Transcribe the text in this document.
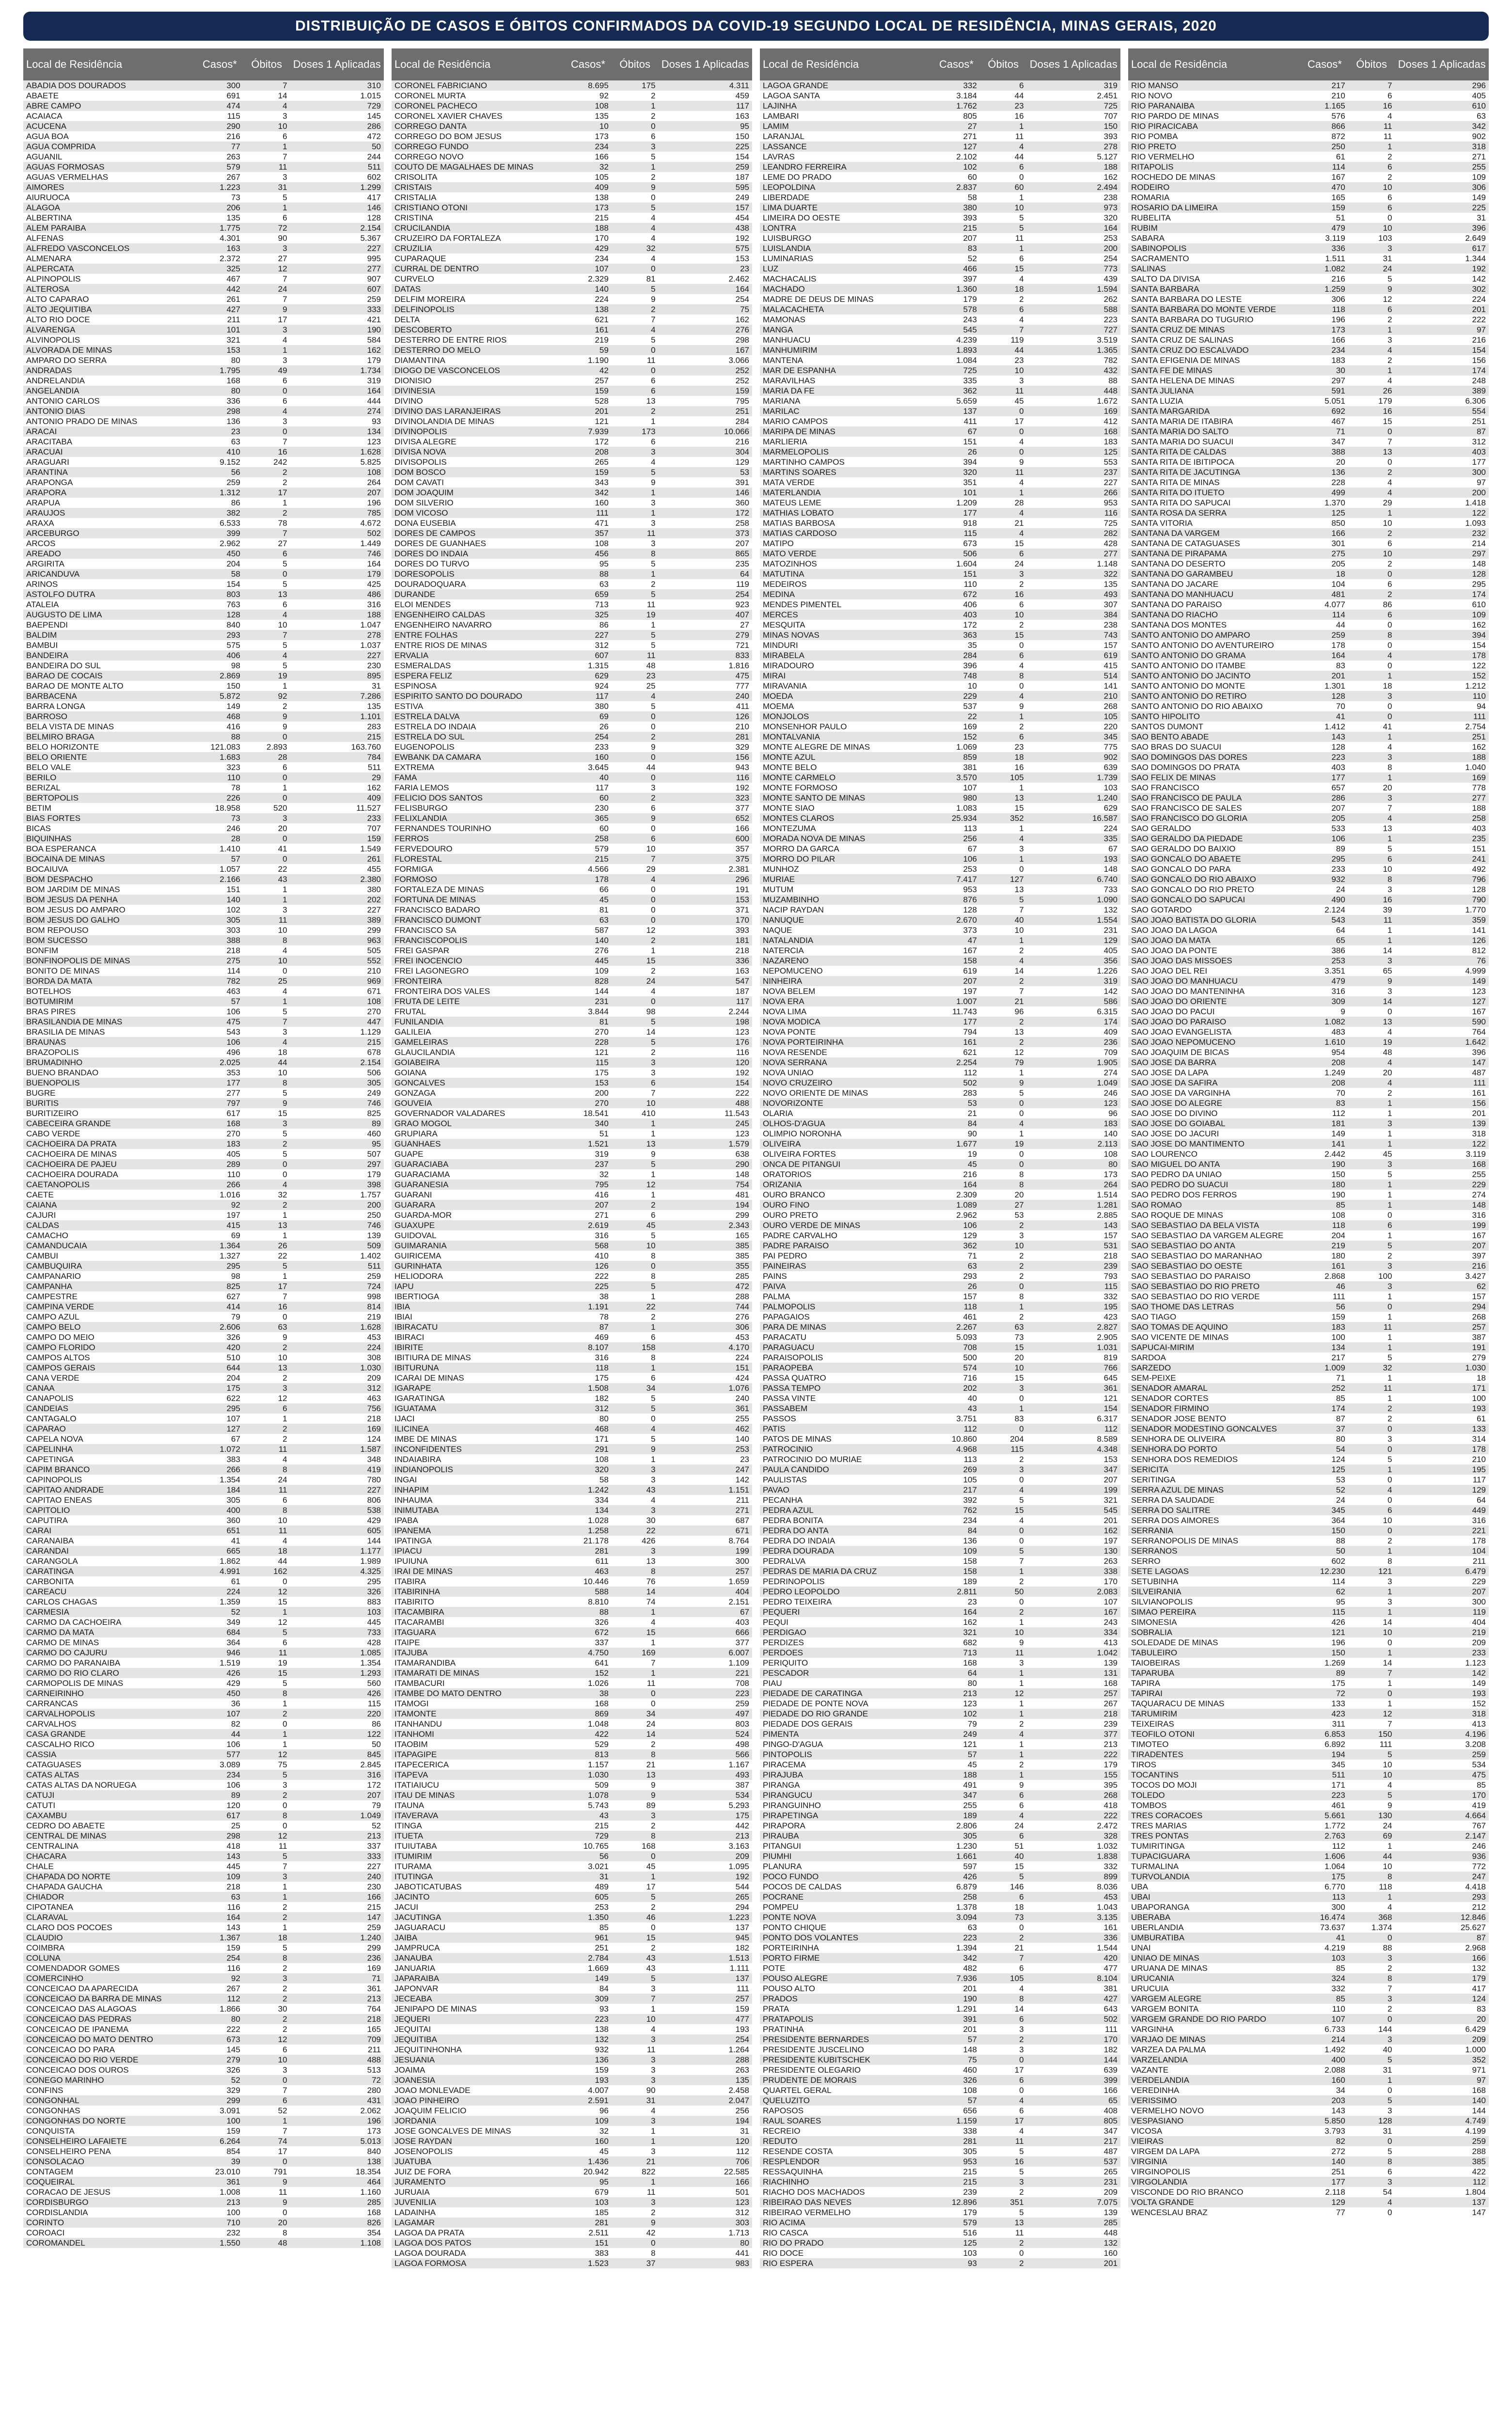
DISTRIBUIÇÃO DE CASOS E ÓBITOS CONFIRMADOS DA COVID-19 SEGUNDO LOCAL DE RESIDÊNCIA, MINAS GERAIS, 2020
Local de Residência	Casos*	Óbitos	Doses 1 Aplicadas
ABADIA DOS DOURADOS	300	7	310
ABAETE	691	14	1.015
ABRE CAMPO	474	4	729
ACAIACA	115	3	145
ACUCENA	290	10	286
AGUA BOA	216	6	472
AGUA COMPRIDA	77	1	50
AGUANIL	263	7	244
AGUAS FORMOSAS	579	11	511
AGUAS VERMELHAS	267	3	602
AIMORES	1.223	31	1.299
AIURUOCA	73	5	417
ALAGOA	206	1	146
ALBERTINA	135	6	128
ALEM PARAIBA	1.775	72	2.154
ALFENAS	4.301	90	5.367
ALFREDO VASCONCELOS	163	3	227
ALMENARA	2.372	27	995
ALPERCATA	325	12	277
ALPINOPOLIS	467	7	907
ALTEROSA	442	24	607
ALTO CAPARAO	261	7	259
ALTO JEQUITIBA	427	9	333
ALTO RIO DOCE	211	17	421
ALVARENGA	101	3	190
ALVINOPOLIS	321	4	584
ALVORADA DE MINAS	153	1	162
AMPARO DO SERRA	80	3	179
ANDRADAS	1.795	49	1.734
ANDRELANDIA	168	6	319
ANGELANDIA	80	0	164
ANTONIO CARLOS	336	6	444
ANTONIO DIAS	298	4	274
ANTONIO PRADO DE MINAS	136	3	93
ARACAI	23	0	134
ARACITABA	63	7	123
ARACUAI	410	16	1.628
ARAGUARI	9.152	242	5.825
ARANTINA	56	2	108
ARAPONGA	259	2	264
ARAPORA	1.312	17	207
ARAPUA	86	1	196
ARAUJOS	382	2	785
ARAXA	6.533	78	4.672
ARCEBURGO	399	7	502
ARCOS	2.962	27	1.449
AREADO	450	6	746
ARGIRITA	204	5	164
ARICANDUVA	58	0	179
ARINOS	154	5	425
ASTOLFO DUTRA	803	13	486
ATALEIA	763	6	316
AUGUSTO DE LIMA	128	4	188
BAEPENDI	840	10	1.047
BALDIM	293	7	278
BAMBUI	575	5	1.037
BANDEIRA	406	4	227
BANDEIRA DO SUL	98	5	230
BARAO DE COCAIS	2.869	19	895
BARAO DE MONTE ALTO	150	1	31
BARBACENA	5.872	92	7.286
BARRA LONGA	149	2	135
BARROSO	468	9	1.101
BELA VISTA DE MINAS	416	9	283
BELMIRO BRAGA	88	0	215
BELO HORIZONTE	121.083	2.893	163.760
BELO ORIENTE	1.683	28	784
BELO VALE	323	6	511
BERILO	110	0	29
BERIZAL	78	1	162
BERTOPOLIS	226	0	409
BETIM	18.958	520	11.527
BIAS FORTES	73	3	233
BICAS	246	20	707
BIQUINHAS	28	0	159
BOA ESPERANCA	1.410	41	1.549
BOCAINA DE MINAS	57	0	261
BOCAIUVA	1.057	22	455
BOM DESPACHO	2.166	43	2.380
BOM JARDIM DE MINAS	151	1	380
BOM JESUS DA PENHA	140	1	202
BOM JESUS DO AMPARO	102	3	227
BOM JESUS DO GALHO	305	11	389
BOM REPOUSO	303	10	299
BOM SUCESSO	388	8	963
BONFIM	218	4	505
BONFINOPOLIS DE MINAS	275	10	552
BONITO DE MINAS	114	0	210
BORDA DA MATA	782	25	969
BOTELHOS	463	4	671
BOTUMIRIM	57	1	108
BRAS PIRES	106	5	270
BRASILANDIA DE MINAS	475	7	447
BRASILIA DE MINAS	543	3	1.129
BRAUNAS	106	4	215
BRAZOPOLIS	496	18	678
BRUMADINHO	2.025	44	2.154
BUENO BRANDAO	353	10	506
BUENOPOLIS	177	8	305
BUGRE	277	5	249
BURITIS	797	9	746
BURITIZEIRO	617	15	825
CABECEIRA GRANDE	168	3	89
CABO VERDE	270	5	460
CACHOEIRA DA PRATA	183	2	95
CACHOEIRA DE MINAS	405	5	507
CACHOEIRA DE PAJEU	289	0	297
CACHOEIRA DOURADA	110	0	179
CAETANOPOLIS	266	4	398
CAETE	1.016	32	1.757
CAIANA	92	2	200
CAJURI	197	1	250
CALDAS	415	13	746
CAMACHO	69	1	139
CAMANDUCAIA	1.364	26	509
CAMBUI	1.327	22	1.402
CAMBUQUIRA	295	5	511
CAMPANARIO	98	1	259
CAMPANHA	825	17	724
CAMPESTRE	627	7	998
CAMPINA VERDE	414	16	814
CAMPO AZUL	79	0	219
CAMPO BELO	2.606	63	1.628
CAMPO DO MEIO	326	9	453
CAMPO FLORIDO	420	2	224
CAMPOS ALTOS	510	10	308
CAMPOS GERAIS	644	13	1.030
CANA VERDE	204	2	209
CANAA	175	3	312
CANAPOLIS	622	12	463
CANDEIAS	295	6	756
CANTAGALO	107	1	218
CAPARAO	127	2	169
CAPELA NOVA	67	2	124
CAPELINHA	1.072	11	1.587
CAPETINGA	383	4	348
CAPIM BRANCO	266	8	419
CAPINOPOLIS	1.354	24	780
CAPITAO ANDRADE	184	11	227
CAPITAO ENEAS	305	6	806
CAPITOLIO	400	8	538
CAPUTIRA	360	10	429
CARAI	651	11	605
CARANAIBA	41	4	144
CARANDAI	665	18	1.177
CARANGOLA	1.862	44	1.989
CARATINGA	4.991	162	4.325
CARBONITA	61	0	295
CAREACU	224	12	326
CARLOS CHAGAS	1.359	15	883
CARMESIA	52	1	103
CARMO DA CACHOEIRA	349	12	445
CARMO DA MATA	684	5	733
CARMO DE MINAS	364	6	428
CARMO DO CAJURU	946	11	1.085
CARMO DO PARANAIBA	1.519	19	1.354
CARMO DO RIO CLARO	426	15	1.293
CARMOPOLIS DE MINAS	429	5	560
CARNEIRINHO	450	8	426
CARRANCAS	36	1	115
CARVALHOPOLIS	107	2	220
CARVALHOS	82	0	86
CASA GRANDE	44	1	122
CASCALHO RICO	106	1	50
CASSIA	577	12	845
CATAGUASES	3.089	75	2.845
CATAS ALTAS	234	5	316
CATAS ALTAS DA NORUEGA	106	3	172
CATUJI	89	2	207
CATUTI	120	0	79
CAXAMBU	617	8	1.049
CEDRO DO ABAETE	25	0	52
CENTRAL DE MINAS	298	12	213
CENTRALINA	418	11	337
CHACARA	143	5	333
CHALE	445	7	227
CHAPADA DO NORTE	109	3	240
CHAPADA GAUCHA	218	1	230
CHIADOR	63	1	166
CIPOTANEA	116	2	215
CLARAVAL	164	2	147
CLARO DOS POCOES	143	1	259
CLAUDIO	1.367	18	1.240
COIMBRA	159	5	299
COLUNA	254	8	236
COMENDADOR GOMES	116	2	169
COMERCINHO	92	3	71
CONCEICAO DA APARECIDA	267	2	361
CONCEICAO DA BARRA DE MINAS	112	2	213
CONCEICAO DAS ALAGOAS	1.866	30	764
CONCEICAO DAS PEDRAS	80	2	218
CONCEICAO DE IPANEMA	222	2	165
CONCEICAO DO MATO DENTRO	673	12	709
CONCEICAO DO PARA	145	6	211
CONCEICAO DO RIO VERDE	279	10	488
CONCEICAO DOS OUROS	326	3	513
CONEGO MARINHO	52	0	72
CONFINS	329	7	280
CONGONHAL	299	6	431
CONGONHAS	3.091	52	2.062
CONGONHAS DO NORTE	100	1	196
CONQUISTA	159	7	173
CONSELHEIRO LAFAIETE	6.264	74	5.013
CONSELHEIRO PENA	854	17	840
CONSOLACAO	39	0	138
CONTAGEM	23.010	791	18.354
COQUEIRAL	361	9	464
CORACAO DE JESUS	1.008	11	1.160
CORDISBURGO	213	9	285
CORDISLANDIA	100	0	168
CORINTO	710	20	826
COROACI	232	8	354
COROMANDEL	1.550	48	1.108
Local de Residência	Casos*	Óbitos	Doses 1 Aplicadas
CORONEL FABRICIANO	8.695	175	4.311
CORONEL MURTA	92	2	459
CORONEL PACHECO	108	1	117
CORONEL XAVIER CHAVES	135	2	163
CORREGO DANTA	10	0	95
CORREGO DO BOM JESUS	173	6	150
CORREGO FUNDO	234	3	225
CORREGO NOVO	166	5	154
COUTO DE MAGALHAES DE MINAS	32	1	259
CRISOLITA	105	2	187
CRISTAIS	409	9	595
CRISTALIA	138	0	249
CRISTIANO OTONI	173	5	157
CRISTINA	215	4	454
CRUCILANDIA	188	4	438
CRUZEIRO DA FORTALEZA	170	4	192
CRUZILIA	429	32	575
CUPARAQUE	234	4	153
CURRAL DE DENTRO	107	0	23
CURVELO	2.329	81	2.462
DATAS	140	5	164
DELFIM MOREIRA	224	9	254
DELFINOPOLIS	138	2	75
DELTA	621	7	162
DESCOBERTO	161	4	276
DESTERRO DE ENTRE RIOS	219	5	298
DESTERRO DO MELO	59	0	167
DIAMANTINA	1.190	11	3.066
DIOGO DE VASCONCELOS	42	0	252
DIONISIO	257	6	252
DIVINESIA	159	6	159
DIVINO	528	13	795
DIVINO DAS LARANJEIRAS	201	2	251
DIVINOLANDIA DE MINAS	121	1	284
DIVINOPOLIS	7.939	173	10.066
DIVISA ALEGRE	172	6	216
DIVISA NOVA	208	3	304
DIVISOPOLIS	265	4	129
DOM BOSCO	159	5	53
DOM CAVATI	343	9	391
DOM JOAQUIM	342	1	146
DOM SILVERIO	160	3	360
DOM VICOSO	111	1	172
DONA EUSEBIA	471	3	258
DORES DE CAMPOS	357	11	373
DORES DE GUANHAES	108	3	207
DORES DO INDAIA	456	8	865
DORES DO TURVO	95	5	235
DORESOPOLIS	88	1	64
DOURADOQUARA	63	2	119
DURANDE	659	5	254
ELOI MENDES	713	11	923
ENGENHEIRO CALDAS	325	19	407
ENGENHEIRO NAVARRO	86	1	27
ENTRE FOLHAS	227	5	279
ENTRE RIOS DE MINAS	312	5	721
ERVALIA	607	11	833
ESMERALDAS	1.315	48	1.816
ESPERA FELIZ	629	23	475
ESPINOSA	924	25	777
ESPIRITO SANTO DO DOURADO	117	4	240
ESTIVA	380	5	411
ESTRELA DALVA	69	0	126
ESTRELA DO INDAIA	26	0	210
ESTRELA DO SUL	254	2	281
EUGENOPOLIS	233	9	329
EWBANK DA CAMARA	160	0	156
EXTREMA	3.645	44	943
FAMA	40	0	116
FARIA LEMOS	117	3	192
FELICIO DOS SANTOS	60	2	323
FELISBURGO	230	6	377
FELIXLANDIA	365	9	652
FERNANDES TOURINHO	60	0	166
FERROS	258	6	600
FERVEDOURO	579	10	357
FLORESTAL	215	7	375
FORMIGA	4.566	29	2.381
FORMOSO	178	4	296
FORTALEZA DE MINAS	66	0	191
FORTUNA DE MINAS	45	0	153
FRANCISCO BADARO	81	0	371
FRANCISCO DUMONT	63	0	170
FRANCISCO SA	587	12	393
FRANCISCOPOLIS	140	2	181
FREI GASPAR	276	1	218
FREI INOCENCIO	445	15	336
FREI LAGONEGRO	109	2	163
FRONTEIRA	828	24	547
FRONTEIRA DOS VALES	144	4	187
FRUTA DE LEITE	231	0	117
FRUTAL	3.844	98	2.244
FUNILANDIA	81	5	198
GALILEIA	270	14	123
GAMELEIRAS	228	5	176
GLAUCILANDIA	121	2	116
GOIABEIRA	115	3	120
GOIANA	175	3	192
GONCALVES	153	6	154
GONZAGA	200	7	222
GOUVEIA	270	10	488
GOVERNADOR VALADARES	18.541	410	11.543
GRAO MOGOL	340	1	245
GRUPIARA	51	1	123
GUANHAES	1.521	13	1.579
GUAPE	319	9	638
GUARACIABA	237	5	290
GUARACIAMA	32	1	148
GUARANESIA	795	12	754
GUARANI	416	1	481
GUARARA	207	2	194
GUARDA-MOR	271	6	299
GUAXUPE	2.619	45	2.343
GUIDOVAL	316	5	165
GUIMARANIA	568	10	385
GUIRICEMA	410	8	385
GURINHATA	126	0	355
HELIODORA	222	8	285
IAPU	225	5	472
IBERTIOGA	38	1	288
IBIA	1.191	22	744
IBIAI	78	2	276
IBIRACATU	87	1	306
IBIRACI	469	6	453
IBIRITE	8.107	158	4.170
IBITIURA DE MINAS	316	8	224
IBITURUNA	118	1	151
ICARAI DE MINAS	175	6	424
IGARAPE	1.508	34	1.076
IGARATINGA	182	5	240
IGUATAMA	312	5	361
IJACI	80	0	255
ILICINEA	468	4	462
IMBE DE MINAS	171	5	140
INCONFIDENTES	291	9	253
INDAIABIRA	108	1	23
INDIANOPOLIS	320	3	247
INGAI	58	3	142
INHAPIM	1.242	43	1.151
INHAUMA	334	4	211
INIMUTABA	134	3	271
IPABA	1.028	30	687
IPANEMA	1.258	22	671
IPATINGA	21.178	426	8.764
IPIACU	281	3	199
IPUIUNA	611	13	300
IRAI DE MINAS	463	8	257
ITABIRA	10.446	76	1.659
ITABIRINHA	588	14	404
ITABIRITO	8.810	74	2.151
ITACAMBIRA	88	1	67
ITACARAMBI	326	4	403
ITAGUARA	672	15	666
ITAIPE	337	1	377
ITAJUBA	4.750	169	6.007
ITAMARANDIBA	641	7	1.109
ITAMARATI DE MINAS	152	1	221
ITAMBACURI	1.026	11	708
ITAMBE DO MATO DENTRO	38	0	223
ITAMOGI	168	0	259
ITAMONTE	869	34	497
ITANHANDU	1.048	24	803
ITANHOMI	422	14	524
ITAOBIM	529	2	498
ITAPAGIPE	813	8	566
ITAPECERICA	1.157	21	1.167
ITAPEVA	1.030	13	493
ITATIAIUCU	509	9	387
ITAU DE MINAS	1.078	9	534
ITAUNA	5.743	89	5.293
ITAVERAVA	43	3	175
ITINGA	215	2	442
ITUETA	729	8	213
ITUIUTABA	10.765	168	3.163
ITUMIRIM	56	0	209
ITURAMA	3.021	45	1.095
ITUTINGA	31	1	192
JABOTICATUBAS	489	17	544
JACINTO	605	5	265
JACUI	253	2	294
JACUTINGA	1.350	46	1.223
JAGUARACU	85	0	137
JAIBA	961	15	945
JAMPRUCA	251	2	182
JANAUBA	2.784	43	1.513
JANUARIA	1.669	43	1.111
JAPARAIBA	149	5	137
JAPONVAR	84	3	111
JECEABA	309	7	257
JENIPAPO DE MINAS	93	1	159
JEQUERI	223	10	477
JEQUITAI	138	4	193
JEQUITIBA	132	3	254
JEQUITINHONHA	932	11	1.264
JESUANIA	136	3	288
JOAIMA	159	3	263
JOANESIA	193	3	135
JOAO MONLEVADE	4.007	90	2.458
JOAO PINHEIRO	2.591	31	2.047
JOAQUIM FELICIO	96	4	256
JORDANIA	109	3	194
JOSE GONCALVES DE MINAS	32	1	31
JOSE RAYDAN	160	1	120
JOSENOPOLIS	45	3	112
JUATUBA	1.436	21	706
JUIZ DE FORA	20.942	822	22.585
JURAMENTO	95	1	166
JURUAIA	679	11	501
JUVENILIA	103	3	123
LADAINHA	185	2	312
LAGAMAR	281	9	303
LAGOA DA PRATA	2.511	42	1.713
LAGOA DOS PATOS	151	0	80
LAGOA DOURADA	383	8	441
LAGOA FORMOSA	1.523	37	983
Local de Residência	Casos*	Óbitos	Doses 1 Aplicadas
LAGOA GRANDE	332	6	319
LAGOA SANTA	3.184	44	2.451
LAJINHA	1.762	23	725
LAMBARI	805	16	707
LAMIM	27	1	150
LARANJAL	271	11	393
LASSANCE	127	4	278
LAVRAS	2.102	44	5.127
LEANDRO FERREIRA	102	6	188
LEME DO PRADO	60	0	162
LEOPOLDINA	2.837	60	2.494
LIBERDADE	58	1	238
LIMA DUARTE	380	10	973
LIMEIRA DO OESTE	393	5	320
LONTRA	215	5	164
LUISBURGO	207	11	253
LUISLANDIA	83	1	200
LUMINARIAS	52	6	254
LUZ	466	15	773
MACHACALIS	397	4	439
MACHADO	1.360	18	1.594
MADRE DE DEUS DE MINAS	179	2	262
MALACACHETA	578	6	588
MAMONAS	243	4	223
MANGA	545	7	727
MANHUACU	4.239	119	3.519
MANHUMIRIM	1.893	44	1.365
MANTENA	1.084	23	782
MAR DE ESPANHA	725	10	432
MARAVILHAS	335	3	88
MARIA DA FE	362	11	448
MARIANA	5.659	45	1.672
MARILAC	137	0	169
MARIO CAMPOS	411	17	412
MARIPA DE MINAS	67	0	168
MARLIERIA	151	4	183
MARMELOPOLIS	26	0	125
MARTINHO CAMPOS	394	9	553
MARTINS SOARES	320	11	237
MATA VERDE	351	4	227
MATERLANDIA	101	1	266
MATEUS LEME	1.209	28	953
MATHIAS LOBATO	177	4	116
MATIAS BARBOSA	918	21	725
MATIAS CARDOSO	115	4	282
MATIPO	673	15	428
MATO VERDE	506	6	277
MATOZINHOS	1.604	24	1.148
MATUTINA	151	3	322
MEDEIROS	110	2	135
MEDINA	672	16	493
MENDES PIMENTEL	406	6	307
MERCES	403	10	384
MESQUITA	172	2	238
MINAS NOVAS	363	15	743
MINDURI	35	0	157
MIRABELA	284	6	619
MIRADOURO	396	4	415
MIRAI	748	8	514
MIRAVANIA	10	0	141
MOEDA	229	4	210
MOEMA	537	9	268
MONJOLOS	22	1	105
MONSENHOR PAULO	169	2	220
MONTALVANIA	152	6	345
MONTE ALEGRE DE MINAS	1.069	23	775
MONTE AZUL	859	18	902
MONTE BELO	381	16	639
MONTE CARMELO	3.570	105	1.739
MONTE FORMOSO	107	1	103
MONTE SANTO DE MINAS	980	13	1.240
MONTE SIAO	1.083	15	629
MONTES CLAROS	25.934	352	16.587
MONTEZUMA	113	1	224
MORADA NOVA DE MINAS	256	4	335
MORRO DA GARCA	67	3	67
MORRO DO PILAR	106	1	193
MUNHOZ	253	0	148
MURIAE	7.417	127	6.740
MUTUM	953	13	733
MUZAMBINHO	876	5	1.090
NACIP RAYDAN	128	7	132
NANUQUE	2.670	40	1.554
NAQUE	373	10	231
NATALANDIA	47	1	129
NATERCIA	167	2	405
NAZARENO	158	4	356
NEPOMUCENO	619	14	1.226
NINHEIRA	207	2	319
NOVA BELEM	197	7	142
NOVA ERA	1.007	21	586
NOVA LIMA	11.743	96	6.315
NOVA MODICA	177	2	174
NOVA PONTE	794	13	409
NOVA PORTEIRINHA	161	2	236
NOVA RESENDE	621	12	709
NOVA SERRANA	2.254	79	1.905
NOVA UNIAO	112	1	274
NOVO CRUZEIRO	502	9	1.049
NOVO ORIENTE DE MINAS	283	5	246
NOVORIZONTE	53	0	123
OLARIA	21	0	96
OLHOS-D'AGUA	84	4	183
OLIMPIO NORONHA	90	1	140
OLIVEIRA	1.677	19	2.113
OLIVEIRA FORTES	19	0	108
ONCA DE PITANGUI	45	0	80
ORATORIOS	216	8	173
ORIZANIA	164	8	264
OURO BRANCO	2.309	20	1.514
OURO FINO	1.089	27	1.281
OURO PRETO	2.962	53	2.885
OURO VERDE DE MINAS	106	2	143
PADRE CARVALHO	129	3	157
PADRE PARAISO	362	10	531
PAI PEDRO	71	2	218
PAINEIRAS	63	2	239
PAINS	293	2	793
PAIVA	26	0	115
PALMA	157	8	332
PALMOPOLIS	118	1	195
PAPAGAIOS	461	2	423
PARA DE MINAS	2.267	63	2.827
PARACATU	5.093	73	2.905
PARAGUACU	708	15	1.031
PARAISOPOLIS	500	20	819
PARAOPEBA	574	10	766
PASSA QUATRO	716	15	645
PASSA TEMPO	202	3	361
PASSA VINTE	40	0	121
PASSABEM	43	1	154
PASSOS	3.751	83	6.317
PATIS	112	0	112
PATOS DE MINAS	10.860	204	8.589
PATROCINIO	4.968	115	4.348
PATROCINIO DO MURIAE	113	2	153
PAULA CANDIDO	269	3	347
PAULISTAS	105	0	207
PAVAO	217	4	199
PECANHA	392	5	321
PEDRA AZUL	762	15	545
PEDRA BONITA	234	4	201
PEDRA DO ANTA	84	0	162
PEDRA DO INDAIA	136	0	197
PEDRA DOURADA	109	5	130
PEDRALVA	158	7	263
PEDRAS DE MARIA DA CRUZ	158	1	338
PEDRINOPOLIS	189	2	170
PEDRO LEOPOLDO	2.811	50	2.083
PEDRO TEIXEIRA	23	0	107
PEQUERI	164	2	167
PEQUI	162	1	243
PERDIGAO	321	10	334
PERDIZES	682	9	413
PERDOES	713	11	1.042
PERIQUITO	168	3	139
PESCADOR	64	1	131
PIAU	80	1	168
PIEDADE DE CARATINGA	213	12	257
PIEDADE DE PONTE NOVA	123	1	267
PIEDADE DO RIO GRANDE	102	1	218
PIEDADE DOS GERAIS	79	2	239
PIMENTA	249	4	377
PINGO-D'AGUA	121	1	213
PINTOPOLIS	57	1	222
PIRACEMA	45	2	179
PIRAJUBA	188	1	155
PIRANGA	491	9	395
PIRANGUCU	347	6	268
PIRANGUINHO	255	6	418
PIRAPETINGA	189	4	222
PIRAPORA	2.806	24	2.472
PIRAUBA	305	6	328
PITANGUI	1.230	51	1.032
PIUMHI	1.661	40	1.838
PLANURA	597	15	332
POCO FUNDO	426	5	899
POCOS DE CALDAS	6.879	146	8.036
POCRANE	258	6	453
POMPEU	1.378	18	1.043
PONTE NOVA	3.094	73	3.135
PONTO CHIQUE	63	0	161
PONTO DOS VOLANTES	223	2	336
PORTEIRINHA	1.394	21	1.544
PORTO FIRME	342	7	420
POTE	482	6	477
POUSO ALEGRE	7.936	105	8.104
POUSO ALTO	201	4	381
PRADOS	190	8	427
PRATA	1.291	14	643
PRATAPOLIS	391	6	502
PRATINHA	201	3	111
PRESIDENTE BERNARDES	57	2	170
PRESIDENTE JUSCELINO	148	3	182
PRESIDENTE KUBITSCHEK	75	0	144
PRESIDENTE OLEGARIO	460	17	639
PRUDENTE DE MORAIS	326	6	399
QUARTEL GERAL	108	0	166
QUELUZITO	57	4	65
RAPOSOS	656	6	408
RAUL SOARES	1.159	17	805
RECREIO	338	4	347
REDUTO	281	11	217
RESENDE COSTA	305	5	487
RESPLENDOR	953	16	537
RESSAQUINHA	215	5	265
RIACHINHO	215	3	231
RIACHO DOS MACHADOS	239	2	209
RIBEIRAO DAS NEVES	12.896	351	7.075
RIBEIRAO VERMELHO	179	5	139
RIO ACIMA	579	13	285
RIO CASCA	516	11	448
RIO DO PRADO	125	2	132
RIO DOCE	103	0	160
RIO ESPERA	93	2	201
Local de Residência	Casos*	Óbitos	Doses 1 Aplicadas
RIO MANSO	217	7	296
RIO NOVO	210	6	405
RIO PARANAIBA	1.165	16	610
RIO PARDO DE MINAS	576	4	63
RIO PIRACICABA	866	11	342
RIO POMBA	872	11	902
RIO PRETO	250	1	318
RIO VERMELHO	61	2	271
RITAPOLIS	114	6	255
ROCHEDO DE MINAS	167	2	109
RODEIRO	470	10	306
ROMARIA	165	6	149
ROSARIO DA LIMEIRA	159	6	225
RUBELITA	51	0	31
RUBIM	479	10	396
SABARA	3.119	103	2.649
SABINOPOLIS	336	3	617
SACRAMENTO	1.511	31	1.344
SALINAS	1.082	24	192
SALTO DA DIVISA	216	5	142
SANTA BARBARA	1.259	9	302
SANTA BARBARA DO LESTE	306	12	224
SANTA BARBARA DO MONTE VERDE	118	6	201
SANTA BARBARA DO TUGURIO	196	2	222
SANTA CRUZ DE MINAS	173	1	97
SANTA CRUZ DE SALINAS	166	3	216
SANTA CRUZ DO ESCALVADO	234	4	154
SANTA EFIGENIA DE MINAS	183	2	156
SANTA FE DE MINAS	30	1	174
SANTA HELENA DE MINAS	297	4	248
SANTA JULIANA	591	26	389
SANTA LUZIA	5.051	179	6.306
SANTA MARGARIDA	692	16	554
SANTA MARIA DE ITABIRA	467	15	251
SANTA MARIA DO SALTO	71	0	87
SANTA MARIA DO SUACUI	347	7	312
SANTA RITA DE CALDAS	388	13	403
SANTA RITA DE IBITIPOCA	20	0	177
SANTA RITA DE JACUTINGA	136	2	300
SANTA RITA DE MINAS	228	4	97
SANTA RITA DO ITUETO	499	4	200
SANTA RITA DO SAPUCAI	1.370	29	1.418
SANTA ROSA DA SERRA	125	1	122
SANTA VITORIA	850	10	1.093
SANTANA DA VARGEM	166	2	232
SANTANA DE CATAGUASES	301	6	214
SANTANA DE PIRAPAMA	275	10	297
SANTANA DO DESERTO	205	2	148
SANTANA DO GARAMBEU	18	0	128
SANTANA DO JACARE	104	6	295
SANTANA DO MANHUACU	481	2	174
SANTANA DO PARAISO	4.077	86	610
SANTANA DO RIACHO	114	6	109
SANTANA DOS MONTES	44	0	162
SANTO ANTONIO DO AMPARO	259	8	394
SANTO ANTONIO DO AVENTUREIRO	178	0	154
SANTO ANTONIO DO GRAMA	164	4	178
SANTO ANTONIO DO ITAMBE	83	0	122
SANTO ANTONIO DO JACINTO	201	1	152
SANTO ANTONIO DO MONTE	1.301	18	1.212
SANTO ANTONIO DO RETIRO	128	3	110
SANTO ANTONIO DO RIO ABAIXO	70	0	94
SANTO HIPOLITO	41	0	111
SANTOS DUMONT	1.412	41	2.754
SAO BENTO ABADE	143	1	251
SAO BRAS DO SUACUI	128	4	162
SAO DOMINGOS DAS DORES	223	3	188
SAO DOMINGOS DO PRATA	403	8	1.040
SAO FELIX DE MINAS	177	1	169
SAO FRANCISCO	657	20	778
SAO FRANCISCO DE PAULA	286	3	277
SAO FRANCISCO DE SALES	207	7	188
SAO FRANCISCO DO GLORIA	205	4	258
SAO GERALDO	533	13	403
SAO GERALDO DA PIEDADE	106	1	235
SAO GERALDO DO BAIXIO	89	5	151
SAO GONCALO DO ABAETE	295	6	241
SAO GONCALO DO PARA	233	10	492
SAO GONCALO DO RIO ABAIXO	932	8	796
SAO GONCALO DO RIO PRETO	24	3	128
SAO GONCALO DO SAPUCAI	490	16	790
SAO GOTARDO	2.124	39	1.770
SAO JOAO BATISTA DO GLORIA	543	11	359
SAO JOAO DA LAGOA	64	1	141
SAO JOAO DA MATA	65	1	126
SAO JOAO DA PONTE	386	14	812
SAO JOAO DAS MISSOES	253	3	76
SAO JOAO DEL REI	3.351	65	4.999
SAO JOAO DO MANHUACU	479	9	149
SAO JOAO DO MANTENINHA	316	3	123
SAO JOAO DO ORIENTE	309	14	127
SAO JOAO DO PACUI	9	0	167
SAO JOAO DO PARAISO	1.082	13	590
SAO JOAO EVANGELISTA	483	4	764
SAO JOAO NEPOMUCENO	1.610	19	1.642
SAO JOAQUIM DE BICAS	954	48	396
SAO JOSE DA BARRA	208	4	147
SAO JOSE DA LAPA	1.249	20	487
SAO JOSE DA SAFIRA	208	4	111
SAO JOSE DA VARGINHA	70	2	161
SAO JOSE DO ALEGRE	83	1	156
SAO JOSE DO DIVINO	112	1	201
SAO JOSE DO GOIABAL	181	3	139
SAO JOSE DO JACURI	149	1	318
SAO JOSE DO MANTIMENTO	141	1	122
SAO LOURENCO	2.442	45	3.119
SAO MIGUEL DO ANTA	190	3	168
SAO PEDRO DA UNIAO	150	5	255
SAO PEDRO DO SUACUI	180	1	229
SAO PEDRO DOS FERROS	190	1	274
SAO ROMAO	85	1	148
SAO ROQUE DE MINAS	108	0	316
SAO SEBASTIAO DA BELA VISTA	118	6	199
SAO SEBASTIAO DA VARGEM ALEGRE	204	1	167
SAO SEBASTIAO DO ANTA	219	5	207
SAO SEBASTIAO DO MARANHAO	180	2	397
SAO SEBASTIAO DO OESTE	161	3	216
SAO SEBASTIAO DO PARAISO	2.868	100	3.427
SAO SEBASTIAO DO RIO PRETO	46	3	62
SAO SEBASTIAO DO RIO VERDE	111	1	157
SAO THOME DAS LETRAS	56	0	294
SAO TIAGO	159	1	268
SAO TOMAS DE AQUINO	183	11	257
SAO VICENTE DE MINAS	100	1	387
SAPUCAI-MIRIM	134	1	191
SARDOA	217	5	279
SARZEDO	1.009	32	1.030
SEM-PEIXE	71	1	18
SENADOR AMARAL	252	11	171
SENADOR CORTES	85	1	100
SENADOR FIRMINO	174	2	193
SENADOR JOSE BENTO	87	2	61
SENADOR MODESTINO GONCALVES	37	0	133
SENHORA DE OLIVEIRA	80	3	314
SENHORA DO PORTO	54	0	178
SENHORA DOS REMEDIOS	124	5	210
SERICITA	125	1	195
SERITINGA	53	0	117
SERRA AZUL DE MINAS	52	4	129
SERRA DA SAUDADE	24	0	64
SERRA DO SALITRE	345	6	449
SERRA DOS AIMORES	364	10	316
SERRANIA	150	0	221
SERRANOPOLIS DE MINAS	88	2	178
SERRANOS	50	1	104
SERRO	602	8	211
SETE LAGOAS	12.230	121	6.479
SETUBINHA	114	3	229
SILVEIRANIA	62	1	207
SILVIANOPOLIS	95	3	300
SIMAO PEREIRA	115	1	119
SIMONESIA	426	14	404
SOBRALIA	121	10	219
SOLEDADE DE MINAS	196	0	209
TABULEIRO	150	1	233
TAIOBEIRAS	1.269	14	1.123
TAPARUBA	89	7	142
TAPIRA	175	1	149
TAPIRAI	72	0	193
TAQUARACU DE MINAS	133	1	152
TARUMIRIM	423	12	318
TEIXEIRAS	311	7	413
TEOFILO OTONI	6.853	150	4.196
TIMOTEO	6.892	111	3.208
TIRADENTES	194	5	259
TIROS	345	10	534
TOCANTINS	511	10	475
TOCOS DO MOJI	171	4	85
TOLEDO	223	5	170
TOMBOS	461	9	419
TRES CORACOES	5.661	130	4.664
TRES MARIAS	1.772	24	767
TRES PONTAS	2.763	69	2.147
TUMIRITINGA	112	1	246
TUPACIGUARA	1.606	44	936
TURMALINA	1.064	10	772
TURVOLANDIA	175	8	247
UBA	6.770	118	4.418
UBAI	113	1	293
UBAPORANGA	300	4	212
UBERABA	16.474	368	12.846
UBERLANDIA	73.637	1.374	25.627
UMBURATIBA	41	0	87
UNAI	4.219	88	2.968
UNIAO DE MINAS	103	3	166
URUANA DE MINAS	85	2	132
URUCANIA	324	8	179
URUCUIA	332	7	417
VARGEM ALEGRE	85	3	124
VARGEM BONITA	110	2	83
VARGEM GRANDE DO RIO PARDO	107	0	20
VARGINHA	6.733	144	6.429
VARJAO DE MINAS	214	3	209
VARZEA DA PALMA	1.492	40	1.000
VARZELANDIA	400	5	352
VAZANTE	2.088	31	971
VERDELANDIA	160	1	97
VEREDINHA	34	0	168
VERISSIMO	203	5	140
VERMELHO NOVO	143	3	144
VESPASIANO	5.850	128	4.749
VICOSA	3.793	31	4.199
VIEIRAS	82	0	259
VIRGEM DA LAPA	272	5	288
VIRGINIA	140	8	385
VIRGINOPOLIS	251	6	422
VIRGOLANDIA	177	3	112
VISCONDE DO RIO BRANCO	2.118	54	1.804
VOLTA GRANDE	129	4	137
WENCESLAU BRAZ	77	0	147
